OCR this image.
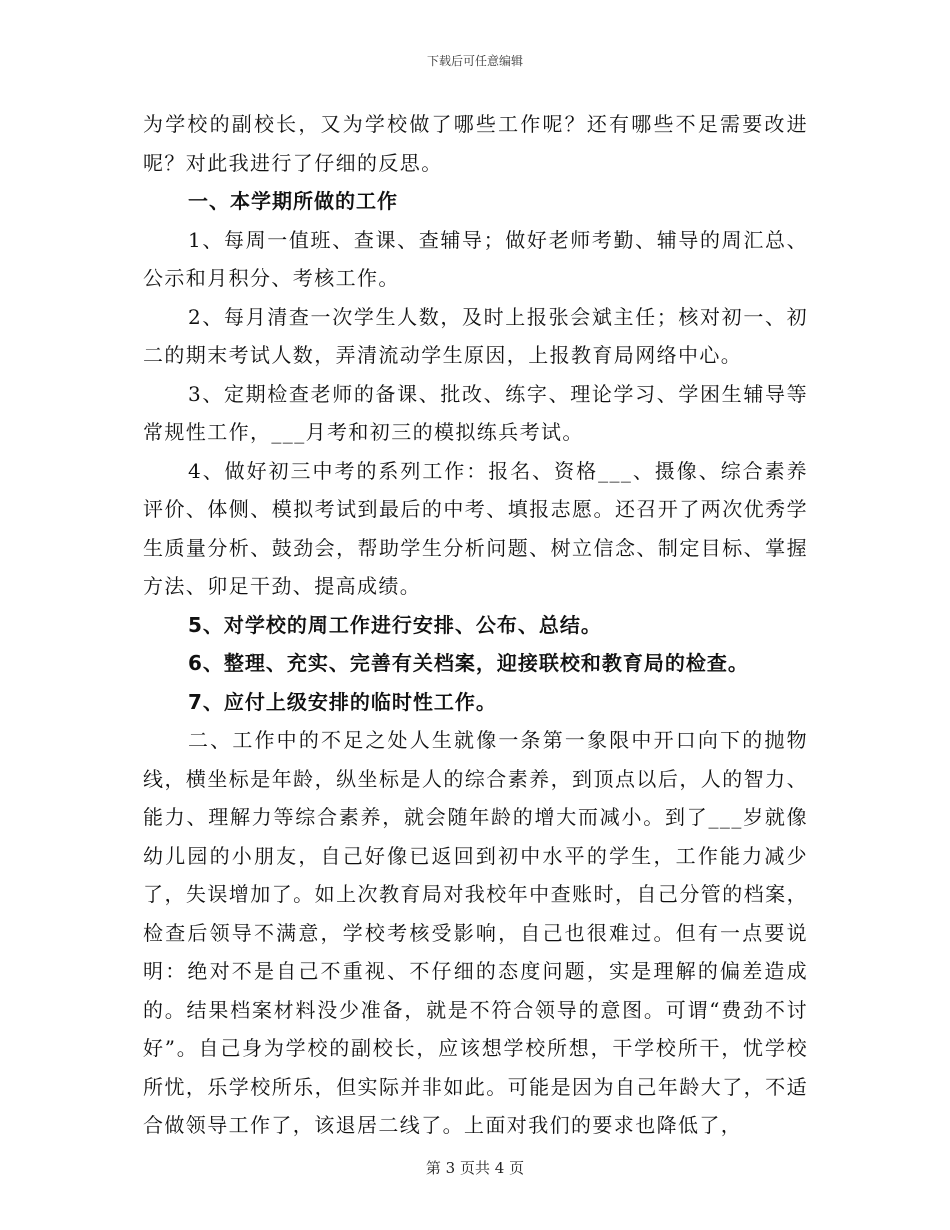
下载后可任意编辑

为学校的副校长，又为学校做了哪些工作呢？还有哪些不足需要改进呢？对此我进行了仔细的反思。

一、本学期所做的工作

1、每周一值班、查课、查辅导；做好老师考勤、辅导的周汇总、公示和月积分、考核工作。

2、每月清查一次学生人数，及时上报张会斌主任；核对初一、初二的期末考试人数，弄清流动学生原因，上报教育局网络中心。

3、定期检查老师的备课、批改、练字、理论学习、学困生辅导等常规性工作，___月考和初三的模拟练兵考试。

4、做好初三中考的系列工作：报名、资格___、摄像、综合素养评价、体侧、模拟考试到最后的中考、填报志愿。还召开了两次优秀学生质量分析、鼓劲会，帮助学生分析问题、树立信念、制定目标、掌握方法、卯足干劲、提高成绩。

5、对学校的周工作进行安排、公布、总结。

6、整理、充实、完善有关档案，迎接联校和教育局的检查。

7、应付上级安排的临时性工作。

二、工作中的不足之处人生就像一条第一象限中开口向下的抛物线，横坐标是年龄，纵坐标是人的综合素养，到顶点以后，人的智力、能力、理解力等综合素养，就会随年龄的增大而减小。到了___岁就像幼儿园的小朋友，自己好像已返回到初中水平的学生，工作能力减少了，失误增加了。如上次教育局对我校年中查账时，自己分管的档案，检查后领导不满意，学校考核受影响，自己也很难过。但有一点要说明：绝对不是自己不重视、不仔细的态度问题，实是理解的偏差造成的。结果档案材料没少准备，就是不符合领导的意图。可谓“费劲不讨好”。自己身为学校的副校长，应该想学校所想，干学校所干，忧学校所忧，乐学校所乐，但实际并非如此。可能是因为自己年龄大了，不适合做领导工作了，该退居二线了。上面对我们的要求也降低了，

第 3 页共 4 页
